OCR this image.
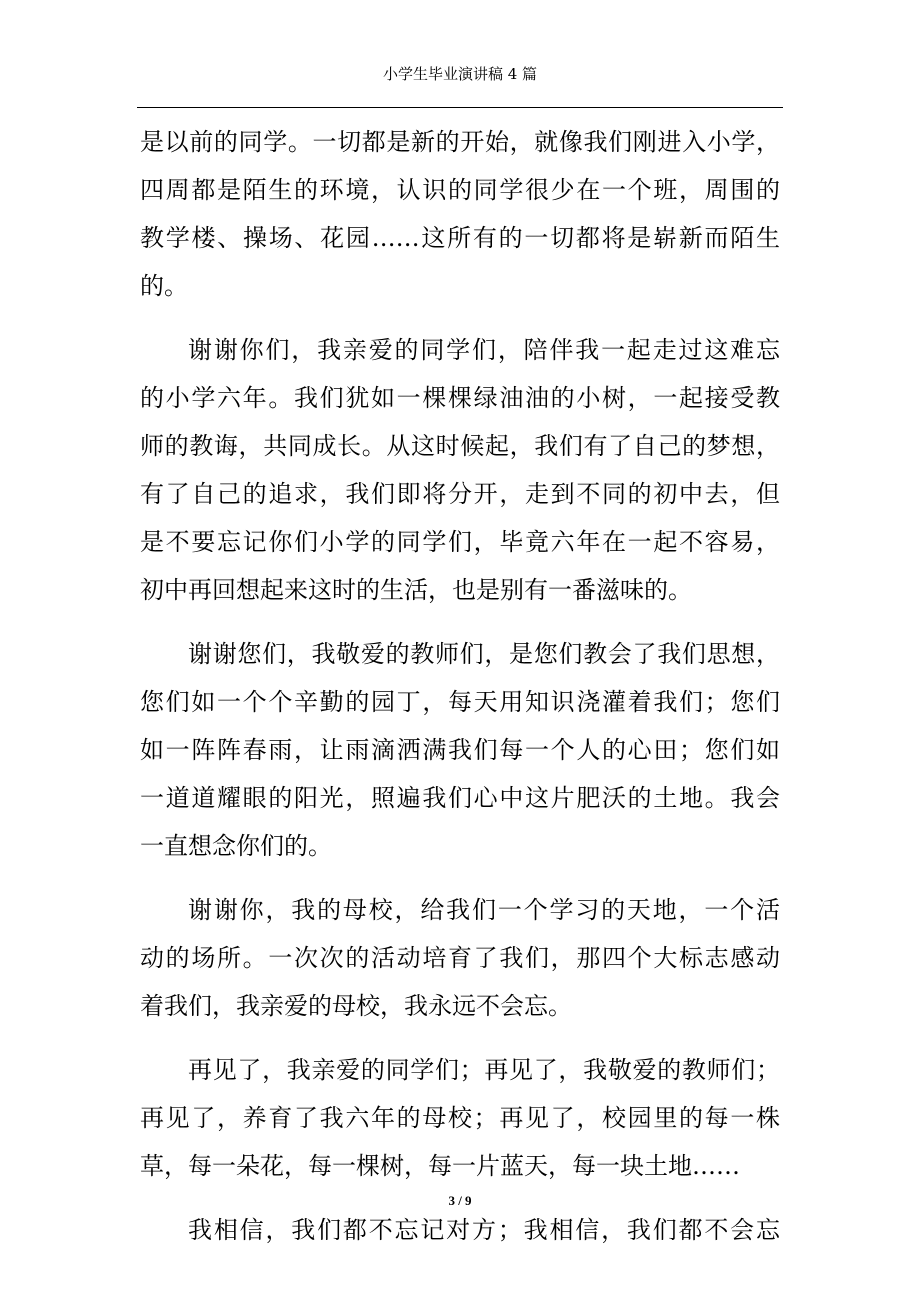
小学生毕业演讲稿 4 篇
是以前的同学。一切都是新的开始，就像我们刚进入小学，
四周都是陌生的环境，认识的同学很少在一个班，周围的
教学楼、操场、花园……这所有的一切都将是崭新而陌生
的。
谢谢你们，我亲爱的同学们，陪伴我一起走过这难忘
的小学六年。我们犹如一棵棵绿油油的小树，一起接受教
师的教诲，共同成长。从这时候起，我们有了自己的梦想，
有了自己的追求，我们即将分开，走到不同的初中去，但
是不要忘记你们小学的同学们，毕竟六年在一起不容易，
初中再回想起来这时的生活，也是别有一番滋味的。
谢谢您们，我敬爱的教师们，是您们教会了我们思想，
您们如一个个辛勤的园丁，每天用知识浇灌着我们；您们
如一阵阵春雨，让雨滴洒满我们每一个人的心田；您们如
一道道耀眼的阳光，照遍我们心中这片肥沃的土地。我会
一直想念你们的。
谢谢你，我的母校，给我们一个学习的天地，一个活
动的场所。一次次的活动培育了我们，那四个大标志感动
着我们，我亲爱的母校，我永远不会忘。
再见了，我亲爱的同学们；再见了，我敬爱的教师们；
再见了，养育了我六年的母校；再见了，校园里的每一株
草，每一朵花，每一棵树，每一片蓝天，每一块土地……
我相信，我们都不忘记对方；我相信，我们都不会忘
3 / 9
